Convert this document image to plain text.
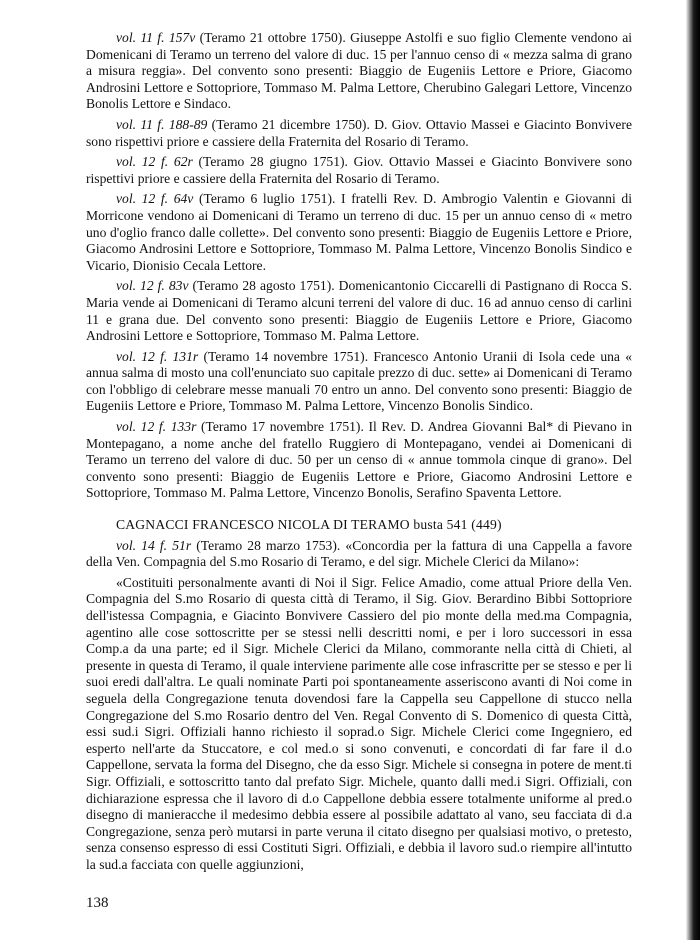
vol. 11 f. 157v (Teramo 21 ottobre 1750). Giuseppe Astolfi e suo figlio Clemente vendono ai Domenicani di Teramo un terreno del valore di duc. 15 per l'annuo censo di « mezza salma di grano a misura reggia». Del convento sono presenti: Biaggio de Eugeniis Lettore e Priore, Giacomo Androsini Lettore e Sottopriore, Tommaso M. Palma Lettore, Cherubino Galegari Lettore, Vincenzo Bonolis Lettore e Sindaco.

vol. 11 f. 188-89 (Teramo 21 dicembre 1750). D. Giov. Ottavio Massei e Giacinto Bonvivere sono rispettivi priore e cassiere della Fraternita del Rosario di Teramo.

vol. 12 f. 62r (Teramo 28 giugno 1751). Giov. Ottavio Massei e Giacinto Bonvivere sono rispettivi priore e cassiere della Fraternita del Rosario di Teramo.

vol. 12 f. 64v (Teramo 6 luglio 1751). I fratelli Rev. D. Ambrogio Valentin e Giovanni di Morricone vendono ai Domenicani di Teramo un terreno di duc. 15 per un annuo censo di « metro uno d'oglio franco dalle collette». Del convento sono presenti: Biaggio de Eugeniis Lettore e Priore, Giacomo Androsini Lettore e Sottopriore, Tommaso M. Palma Lettore, Vincenzo Bonolis Sindico e Vicario, Dionisio Cecala Lettore.

vol. 12 f. 83v (Teramo 28 agosto 1751). Domenicantonio Ciccarelli di Pastignano di Rocca S. Maria vende ai Domenicani di Teramo alcuni terreni del valore di duc. 16 ad annuo censo di carlini 11 e grana due. Del convento sono presenti: Biaggio de Eugeniis Lettore e Priore, Giacomo Androsini Lettore e Sottopriore, Tommaso M. Palma Lettore.

vol. 12 f. 131r (Teramo 14 novembre 1751). Francesco Antonio Uranii di Isola cede una « annua salma di mosto una coll'enunciato suo capitale prezzo di duc. sette» ai Domenicani di Teramo con l'obbligo di celebrare messe manuali 70 entro un anno. Del convento sono presenti: Biaggio de Eugeniis Lettore e Priore, Tommaso M. Palma Lettore, Vincenzo Bonolis Sindico.

vol. 12 f. 133r (Teramo 17 novembre 1751). Il Rev. D. Andrea Giovanni Bal* di Pievano in Montepagano, a nome anche del fratello Ruggiero di Montepagano, vendei ai Domenicani di Teramo un terreno del valore di duc. 50 per un censo di « annue tommola cinque di grano». Del convento sono presenti: Biaggio de Eugeniis Lettore e Priore, Giacomo Androsini Lettore e Sottopriore, Tommaso M. Palma Lettore, Vincenzo Bonolis, Serafino Spaventa Lettore.

CAGNACCI FRANCESCO NICOLA DI TERAMO busta 541 (449)

vol. 14 f. 51r (Teramo 28 marzo 1753). «Concordia per la fattura di una Cappella a favore della Ven. Compagnia del S.mo Rosario di Teramo, e del sigr. Michele Clerici da Milano»:

«Costituiti personalmente avanti di Noi il Sigr. Felice Amadio, come attual Priore della Ven. Compagnia del S.mo Rosario di questa città di Teramo, il Sig. Giov. Berardino Bibbi Sottopriore dell'istessa Compagnia, e Giacinto Bonvivere Cassiero del pio monte della med.ma Compagnia, agentino alle cose sottoscritte per se stessi nelli descritti nomi, e per i loro successori in essa Comp.a da una parte; ed il Sigr. Michele Clerici da Milano, commorante nella città di Chieti, al presente in questa di Teramo, il quale interviene parimente alle cose infrascritte per se stesso e per li suoi eredi dall'altra. Le quali nominate Parti poi spontaneamente asseriscono avanti di Noi come in seguela della Congregazione tenuta dovendosi fare la Cappella seu Cappellone di stucco nella Congregazione del S.mo Rosario dentro del Ven. Regal Convento di S. Domenico di questa Città, essi sud.i Sigri. Offiziali hanno richiesto il soprad.o Sigr. Michele Clerici come Ingegniero, ed esperto nell'arte da Stuccatore, e col med.o si sono convenuti, e concordati di far fare il d.o Cappellone, servata la forma del Disegno, che da esso Sigr. Michele si consegna in potere de ment.ti Sigr. Offiziali, e sottoscritto tanto dal prefato Sigr. Michele, quanto dalli med.i Sigri. Offiziali, con dichiarazione espressa che il lavoro di d.o Cappellone debbia essere totalmente uniforme al pred.o disegno di manieracche il medesimo debbia essere al possibile adattato al vano, seu facciata di d.a Congregazione, senza però mutarsi in parte veruna il citato disegno per qualsiasi motivo, o pretesto, senza consenso espresso di essi Costituti Sigri. Offiziali, e debbia il lavoro sud.o riempire all'intutto la sud.a facciata con quelle aggiunzioni,

138
